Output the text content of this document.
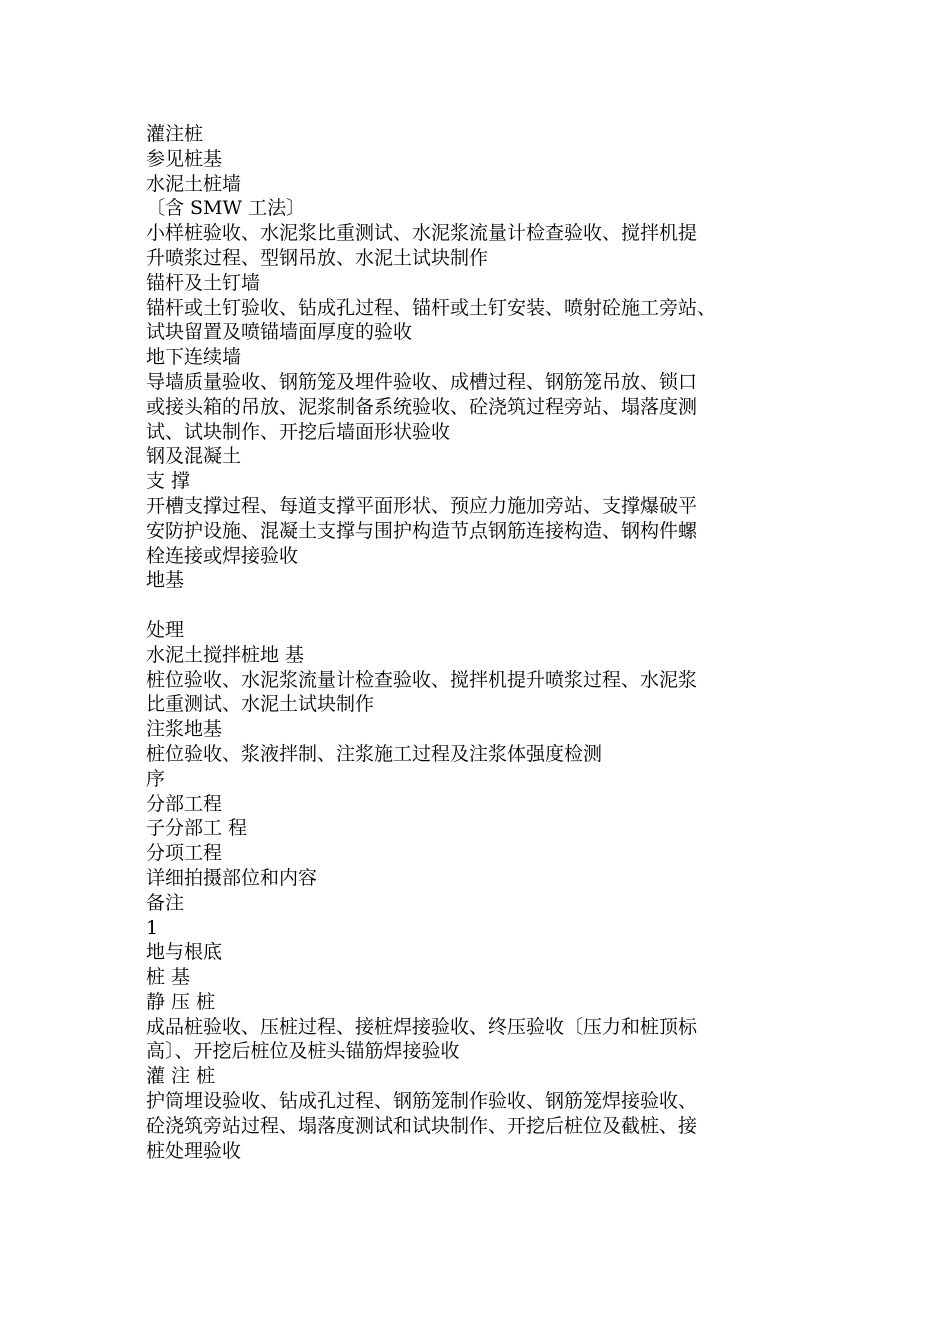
灌注桩
参见桩基
水泥土桩墙
〔含 SMW 工法〕
小样桩验收、水泥浆比重测试、水泥浆流量计检查验收、搅拌机提
升喷浆过程、型钢吊放、水泥土试块制作
锚杆及土钉墙
锚杆或土钉验收、钻成孔过程、锚杆或土钉安装、喷射砼施工旁站、
试块留置及喷锚墙面厚度的验收
地下连续墙
导墙质量验收、钢筋笼及埋件验收、成槽过程、钢筋笼吊放、锁口
或接头箱的吊放、泥浆制备系统验收、砼浇筑过程旁站、塌落度测
试、试块制作、开挖后墙面形状验收
钢及混凝土
支 撑
开槽支撑过程、每道支撑平面形状、预应力施加旁站、支撑爆破平
安防护设施、混凝土支撑与围护构造节点钢筋连接构造、钢构件螺
栓连接或焊接验收
地基
处理
水泥土搅拌桩地 基
桩位验收、水泥浆流量计检查验收、搅拌机提升喷浆过程、水泥浆
比重测试、水泥土试块制作
注浆地基
桩位验收、浆液拌制、注浆施工过程及注浆体强度检测
序
分部工程
子分部工 程
分项工程
详细拍摄部位和内容
备注
1
地与根底
桩 基
静 压 桩
成品桩验收、压桩过程、接桩焊接验收、终压验收〔压力和桩顶标
高〕、开挖后桩位及桩头锚筋焊接验收
灌 注 桩
护筒埋设验收、钻成孔过程、钢筋笼制作验收、钢筋笼焊接验收、
砼浇筑旁站过程、塌落度测试和试块制作、开挖后桩位及截桩、接
桩处理验收
